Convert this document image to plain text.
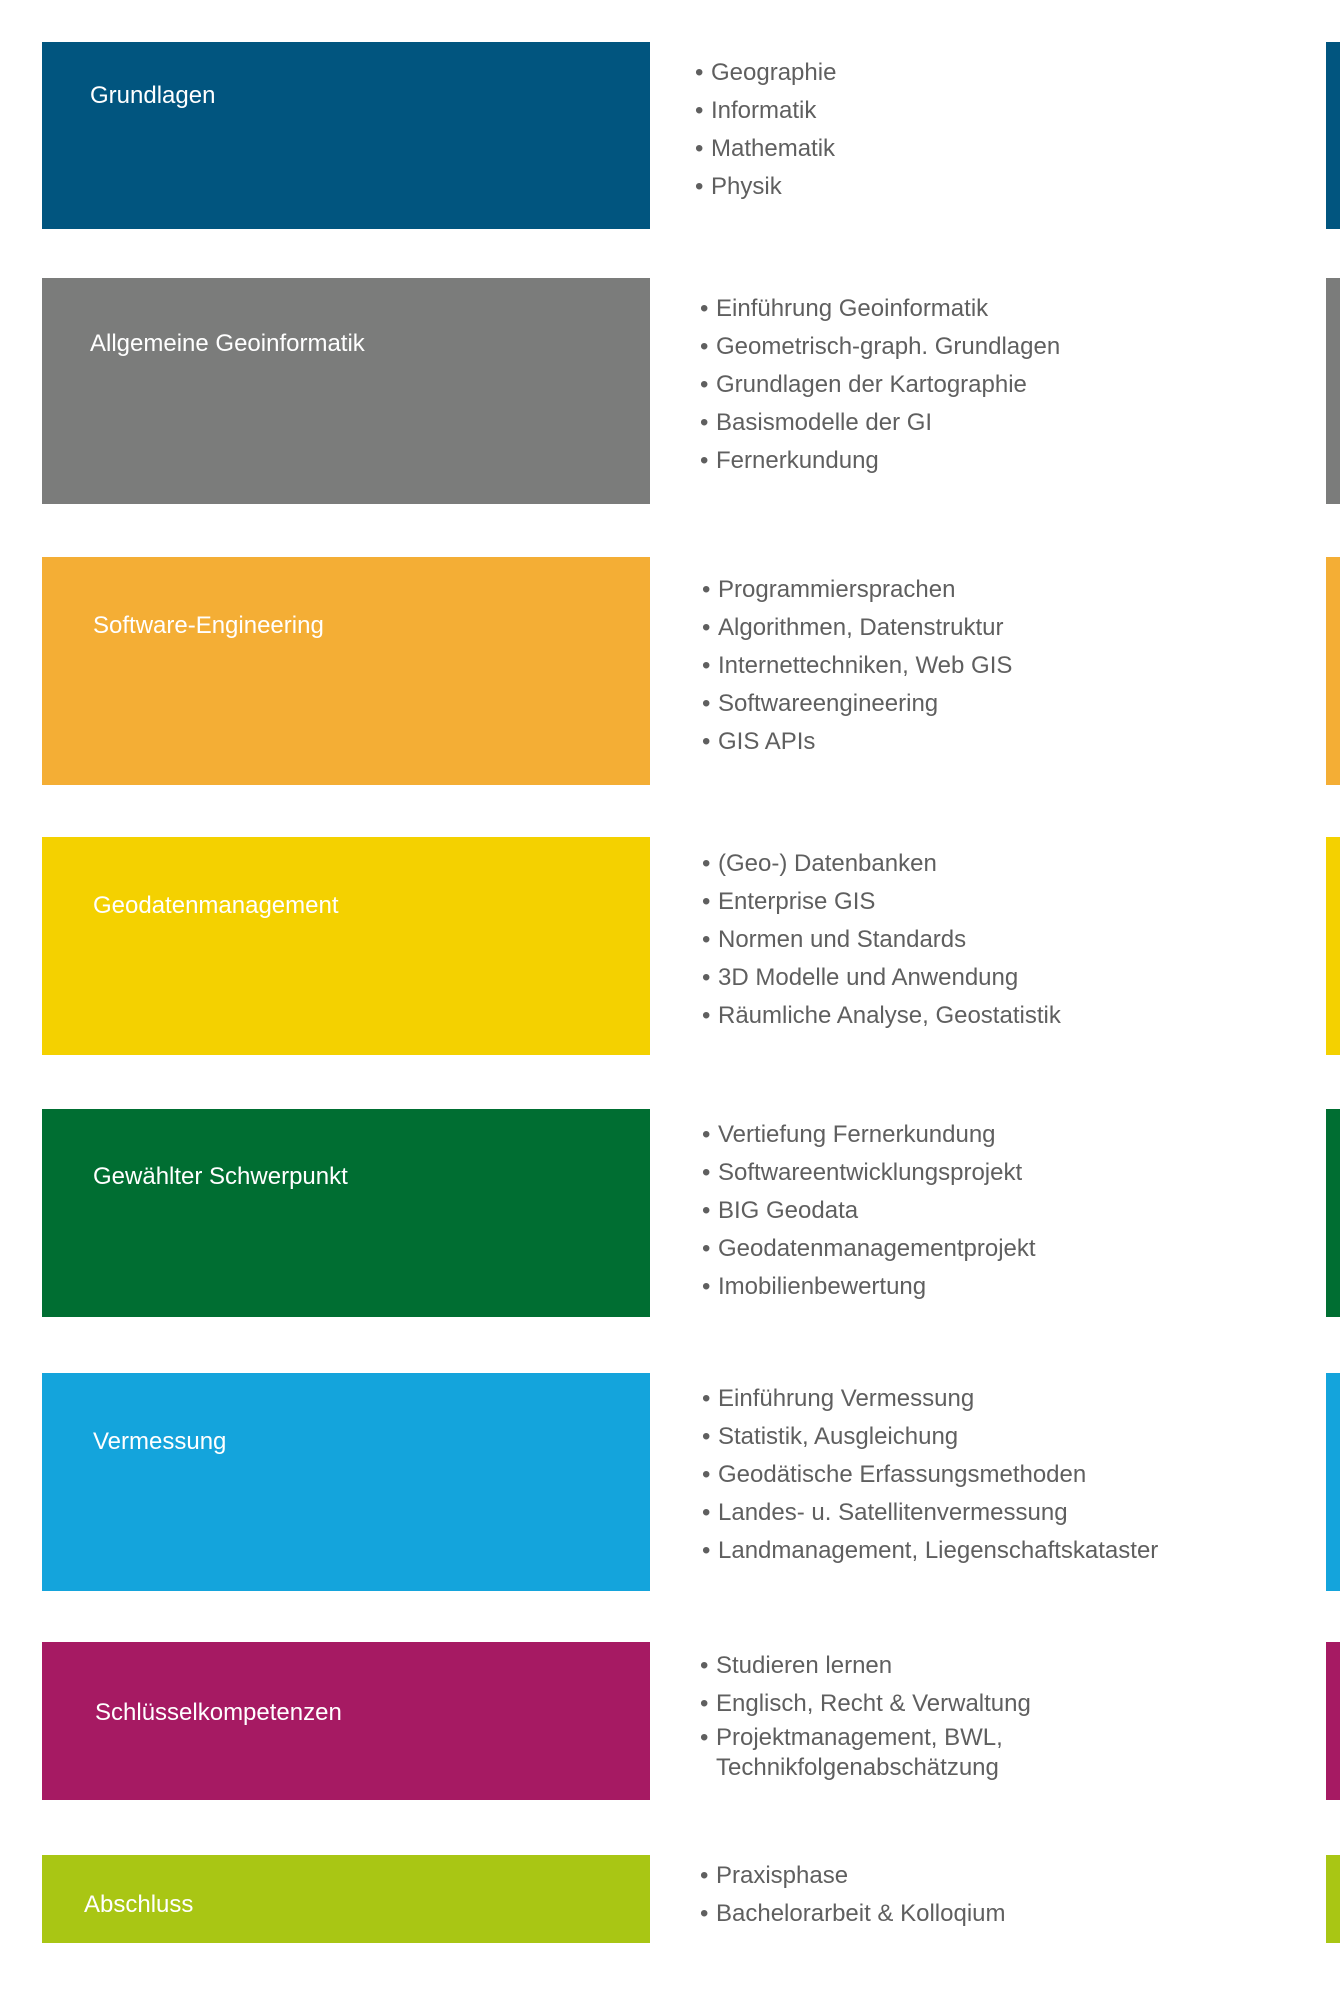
Grundlagen
• Geographie
• Informatik
• Mathematik
• Physik
Allgemeine Geoinformatik
• Einführung Geoinformatik
• Geometrisch-graph. Grundlagen
• Grundlagen der Kartographie
• Basismodelle der GI
• Fernerkundung
Software-Engineering
• Programmiersprachen
• Algorithmen, Datenstruktur
• Internettechniken, Web GIS
• Softwareengineering
• GIS APIs
Geodatenmanagement
• (Geo-) Datenbanken
• Enterprise GIS
• Normen und Standards
• 3D Modelle und Anwendung
• Räumliche Analyse, Geostatistik
Gewählter Schwerpunkt
• Vertiefung Fernerkundung
• Softwareentwicklungsprojekt
• BIG Geodata
• Geodatenmanagementprojekt
• Imobilienbewertung
Vermessung
• Einführung Vermessung
• Statistik, Ausgleichung
• Geodätische Erfassungsmethoden
• Landes- u. Satellitenvermessung
• Landmanagement, Liegenschaftskataster
Schlüsselkompetenzen
• Studieren lernen
• Englisch, Recht & Verwaltung
• Projektmanagement, BWL, Technikfolgenabschätzung
Abschluss
• Praxisphase
• Bachelorarbeit & Kolloqium
